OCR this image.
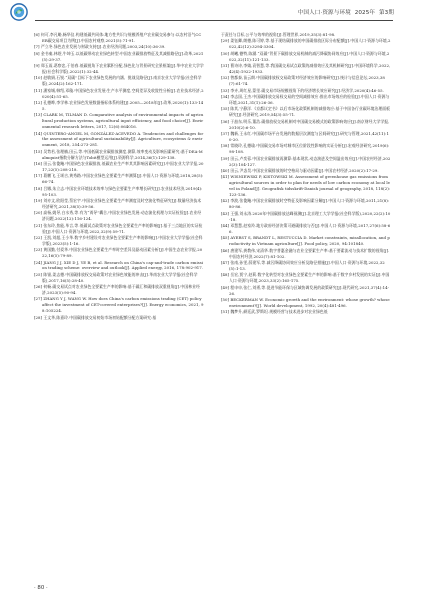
中国人口·资源与环境 2025年 第3期

[6] 何可,李凡略,畅华仪.构建低碳共同体:地方性共识与规模养殖户农业碳交易参与:以农村沼气CCER碳交易项目为例[J].中国农村观察,2021(5):71-91.

[7] 严立冬.绿色农业发展与财政支持[J].农业经济问题,2003,24(10):36-39.

[8] 金书秦,林煜,牛坤玉.以低碳带动农业绿色转型:中国农业碳排放特征及其减排路径[J].改革,2021(5):29-37.

[9] 郑玉雨,葛察忠,于伯春.低碳视角下农业累积分配,绿色化与背景研究全景框架[J].华中农业大学学报(社会科学版),2022(1):32-44.

[10] 赵敏娟,石锐.“双碳”目标下农业绿色发展的内涵、挑战及路径[J].南京农业大学学报(社会科学版),2024(2):162-171.

[11] 潘家城,韩绍,邓璇.中国绿色农业发展:生产水平测度,空间差异及收敛性分析[J].农业技术经济,2020(4):51-65.

[12] 孔德晔,李学林.农业绿色发展数据指标体系构建[J].2005—2018年[J].改革,2020(1):133-145.

[13] CLARK M, TILMAN D. Comparative analysis of environmental impacts of agricultural production systems, agricultural input efficiency, and food choice[J]. Environmental research letters, 2017, 12(6):064016.

[14] QUINTERO-ANGEL M, GONZÁLEZ-ACEVEDO A. Tendencies and challenges for the assessment of agricultural sustainability[J]. Agriculture, ecosystems & environment, 2018, 254:273-281.

[15] 吴势若,张理楠,田云,等.中国低碳农业碳排放测度,测算,效率变动及影响因素研究:基于DEA-Malmquist指数分解方法与Tobit模型运用[J].资源科学,2014,36(1):129-138.

[16] 田云,张俊飚.中国绿色农业碳排放,低碳农业生产率其其影响因素研究[J].中国农业大学学报,2017,22(5):208-218.

[17] 葛鹏飞,王颂吉,黄秀路.中国农业绿色全要素生产率测算[J].中国人口·资源与环境,2018,28(5):66-74.

[18] 吕娜,朱立志.中国农业环境技术效率与绿色全要素生产率增长研究[J].农业技术经济,2019(4):95-103.

[19] 刘亦文,欧阳莹,蔡宏宇.中国农业绿色全要素生产率测度及时空演化特征研究[J].数量经济技术经济研究,2021,38(5):39-56.

[20] 高杨,姚导,白水秀,等.有为“诱导”耦合,中国农业绿色发展:动态演化机理与实证检验[J].农业经济问题,2022(12):116-124.

[21] 张东玲,焦能,毕言,等.低碳试点政策对农业绿色全要素生产率的影响[J].基于三点地区的实证检验[J].中国人口·资源与环境,2022,32(9):59-71.

[22] 王凯,刘超,王小华.数字乡村建设对农业绿色全要素生产率的影响[J].中国农业大学学报(社会科学版),2023(5):1-16.

[23] 黄国勤,付爱华.中国农业绿色全要素生产率时空差异及驱动因素分析[J].中国生态农业学报,2022,16(5):79-89.

[24] JIANG J J, XIE D J, YE B, et al. Research on China's cap-and-trade carbon emission trading scheme: overview and outlook[J]. Applied energy, 2016, 178:902-917.

[25] 陈银,姜志德.中国碳排放权交易政策对农业绿色效能的冲击[J].华南农业大学学报(社会科学版),2017,16(5):28-40.

[26] 何畅.碳交易试点对农业绿色全要素生产率的影响:基于碳汇和碳排放双重视角[J].中国林业经济,2023(5):90-94.

[27] ZHANG Y J, WANG W. How does China's carbon emissions trading (CET) policy affect the investment of CET-covered enterprises?[J]. Energy economics, 2021, 98:105224.

[28] 王文华,陈嘉玲.中国碳排放交易初始市场初始配额分配方案研究:基

于责任与目标,公平与效率的视角[J].管理世界,2019,35(3):81-98.

[29] 姜钰卿,朗德,陈可婷,等.基于现结碳排放的中国碳排放区际分布配额[J].中国人口·资源与环境,2022,42(12):3294-3304.

[30] 胡曦,德特,陈涵.“双碳”背景下碳排放交易机制的减污降碳协同效应[J].中国人口·资源与环境,2022,32(11):121-133.

[31] 曹诗诗,李婧,袁智慧,等.我国碳交易试点政策的减排效应及其机制研究[J].中国环境科学,2022,42(4):1922-1933.

[32] 曾都泰,苗云朗.中国碳排放权交易政策对经济效应的影响研究[J].统计与信息论坛,2023,38(7):61-74.

[33] 李卉,周红星,蒙里.碳交易市场规模视角下的经济增长效应研究[J].经济学,2020(4):46-55.

[34] 李志国,王杰.中国碳排放交易权交易的空间减排效应:推出市场效应的检验[J].中国人口·资源与环境,2021,31(1):26-36.

[35] 陈其,宁静洋.《京都议定书》以后市场化政策机制的减排效应:基于中国各行业碳环境治理面板研究[J].经济研究,2019,54(3):55-71.

[36] 于喆东,明乐,董浩.碳排放权交易机制对中国碳交易模式的政策影响效应[J].南京财经大学学报,2010(2):6-10.

[37] 魏新,王永红.中国碳市场平台发展的数据层次测度与区间研究[J].研究与管理,2021,42(11):10-20.

[38] 常晓玲,孔德瑜.中国碳交易市场对城市区位阶段性影响的实证分析[J].宏观经济研究,2019(6):98-108.

[39] 田云,卢奕蓉.中国农业碳排放再测算:基本现状,动态演进及空间溢出效应[J].中国农村经济,2022(3):104-127.

[40] 田云,尹忞昊.中国农业碳排放的时空格局与驱动因素[J].中国农村经济,2020(2):17-29.

[41] WISNIEWSKI P, KISTOWSKI M. Assessment of greenhouse gas emissions from agricultural sources in order to plan for needs of low carbon economy at local level in Poland[J]. Geografisk tidsskrift-Danish journal of geography, 2018, 118(2):123-136.

[42] 李波,张俊飚.中国农业碳排放时空特征及影响因素分解[J].中国人口·资源与环境,2011,21(8):80-86.

[43] 王强,刘永涛.2020年中国碳排放达峰预测[J].北京理工大学学报(社会科学版),2020,22(2):10-18.

[44] 邓慧慧,赵家羚.地方政府经济决策可避碳排放与否[J].中国人口·资源与环境,2017,27(6):58-66.

[45] AYERST S, BRANDT L, RESTUCCIA D. Market constraints, misallocation, and productivity in Vietnam agriculture[J]. Food policy, 2020, 94:101840.

[46] 唐建军,龚教伟,宋清华.数字普惠金融与农业全要素生产率:基于要素流动与技术扩散的视角[J].中国农村经济,2022(7):81-102.

[47] 张南,孙雯,薛建军,等.减污降碳协同效应分析及路径措施[J].中国人口·资源与环境,2022,32(5):1-13.

[48] 岳宏,贾宁,赵莉.数字化转型对农业绿色全要素生产率的影响:基于数字乡村发展的实证[J].中国人口·资源与环境,2023,33(2):165-175.

[49] 程申申,张仁,刘勇,等.促进节能环保与区域协调发展的政策研究[J].现代研究,2021,37(4):14-26.

[50] BECKERMAN W. Economic growth and the environment: whose growth? whose environment?[J]. World development, 1992, 20(4):481-496.

[51] 魏梦升,颜廷武,罗斯坦.规模经营与技术进步对农业绿色低

· 80 ·
